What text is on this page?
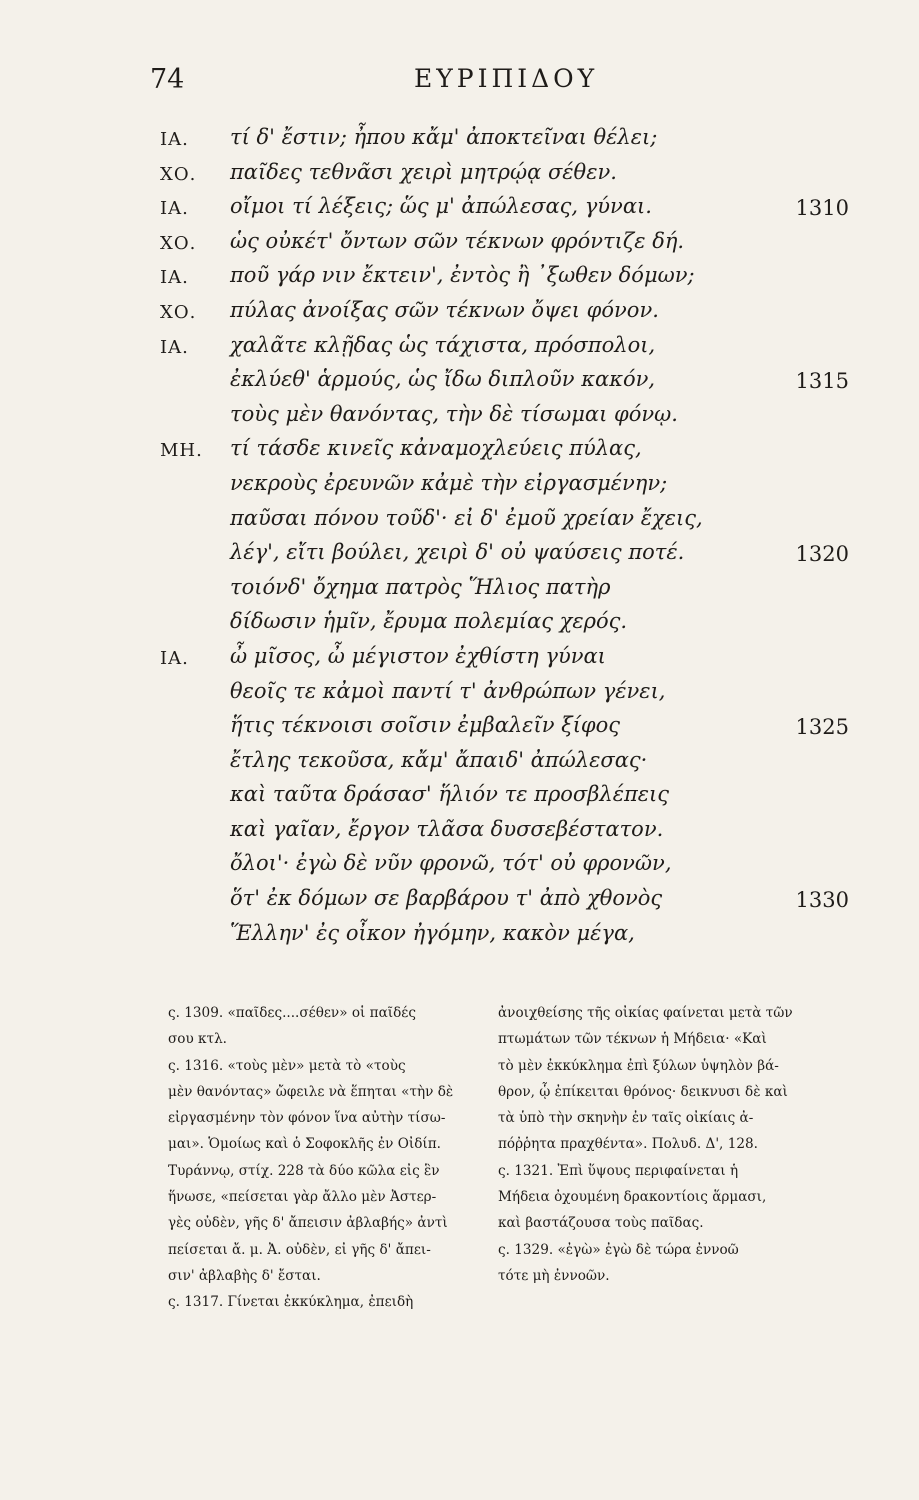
74	ΕΥΡΙΠΙΔΟΥ
ΙΑ. τί δ' ἔστιν; ἦπου κἄμ' ἀποκτεῖναι θέλει;
ΧΟ. παῖδες τεθνᾶσι χειρὶ μητρῴᾳ σέθεν.
ΙΑ. οἴμοι τί λέξεις; ὥς μ' ἀπώλεσας, γύναι.	1310
ΧΟ. ὡς οὐκέτ' ὄντων σῶν τέκνων φρόντιζε δή.
ΙΑ. ποῦ γάρ νιν ἔκτειν', ἐντὸς ἢ ᾽ξωθεν δόμων;
ΧΟ. πύλας ἀνοίξας σῶν τέκνων ὄψει φόνον.
ΙΑ. χαλᾶτε κλῇδας ὡς τάχιστα, πρόσπολοι,
ἐκλύεθ' ἁρμούς, ὡς ἴδω διπλοῦν κακόν,	1315
τοὺς μὲν θανόντας, τὴν δὲ τίσωμαι φόνῳ.
ΜΗ. τί τάσδε κινεῖς κἀναμοχλεύεις πύλας,
νεκροὺς ἐρευνῶν κἀμὲ τὴν εἰργασμένην;
παῦσαι πόνου τοῦδ'· εἰ δ' ἐμοῦ χρείαν ἔχεις,
λέγ', εἴτι βούλει, χειρὶ δ' οὐ ψαύσεις ποτέ.	1320
τοιόνδ' ὄχημα πατρὸς Ἥλιος πατὴρ
δίδωσιν ἡμῖν, ἔρυμα πολεμίας χερός.
ΙΑ. ὦ μῖσος, ὦ μέγιστον ἐχθίστη γύναι
θεοῖς τε κἀμοὶ παντί τ' ἀνθρώπων γένει,
ἥτις τέκνοισι σοῖσιν ἐμβαλεῖν ξίφος	1325
ἔτλης τεκοῦσα, κἄμ' ἄπαιδ' ἀπώλεσας·
καὶ ταῦτα δράσασ' ἥλιόν τε προσβλέπεις
καὶ γαῖαν, ἔργον τλᾶσα δυσσεβέστατον.
ὄλοι'· ἐγὼ δὲ νῦν φρονῶ, τότ' οὐ φρονῶν,
ὅτ' ἐκ δόμων σε βαρβάρου τ' ἀπὸ χθονὸς	1330
Ἕλλην' ἐς οἶκον ἠγόμην, κακὸν μέγα,
ς. 1309. «παῖδες....σέθεν» οἱ παῖδές
σου κτλ.
ς. 1316. «τοὺς μὲν» μετὰ τὸ «τοὺς
μὲν θανόντας» ὤφειλε νὰ ἕπηται «τὴν δὲ
εἰργασμένην τὸν φόνον ἵνα αὐτὴν τίσω-
μαι». Ὁμοίως καὶ ὁ Σοφοκλῆς ἐν Οἰδίπ.
Τυράννῳ, στίχ. 228 τὰ δύο κῶλα εἰς ἓν
ἥνωσε, «πείσεται γὰρ ἄλλο μὲν Ἀστερ-
γὲς οὐδὲν, γῆς δ' ἄπεισιν ἀβλαβής» ἀντὶ
πείσεται ἄ. μ. Ἀ. οὐδὲν, εἰ γῆς δ' ἄπει-
σιν' ἀβλαβὴς δ' ἔσται.
ς. 1317. Γίνεται ἐκκύκλημα, ἐπειδὴ
ἀνοιχθείσης τῆς οἰκίας φαίνεται μετὰ τῶν
πτωμάτων τῶν τέκνων ἡ Μήδεια· «Καὶ
τὸ μὲν ἐκκύκλημα ἐπὶ ξύλων ὑψηλὸν βά-
θρον, ᾧ ἐπίκειται θρόνος· δεικνυσι δὲ καὶ
τὰ ὑπὸ τὴν σκηνὴν ἐν ταῖς οἰκίαις ἀ-
πόῤῥητα πραχθέντα». Πολυδ. Δ', 128.
ς. 1321. Ἐπὶ ὕψους περιφαίνεται ἡ
Μήδεια ὀχουμένη δρακοντίοις ἅρμασι,
καὶ βαστάζουσα τοὺς παῖδας.
ς. 1329. «ἐγὼ» ἐγὼ δὲ τώρα ἐννοῶ
τότε μὴ ἐννοῶν.
